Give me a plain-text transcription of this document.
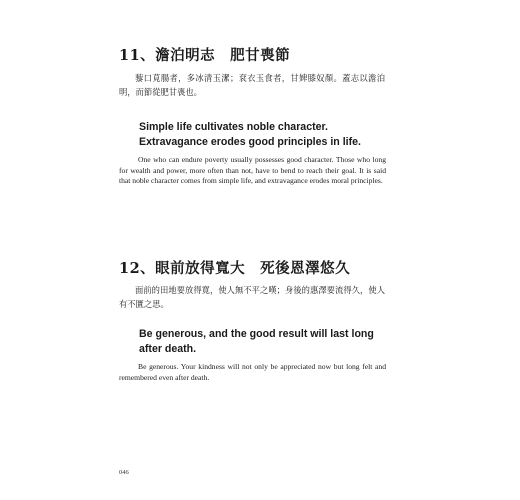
11、澹泊明志　肥甘喪節

藜口莧腸者，多冰清玉潔；袞衣玉食者，甘婢膝奴顏。蓋志以澹泊明，而節從肥甘喪也。

Simple life cultivates noble character. Extravagance erodes good principles in life.

One who can endure poverty usually possesses good character. Those who long for wealth and power, more often than not, have to bend to reach their goal. It is said that noble character comes from simple life, and extravagance erodes moral principles.

12、眼前放得寬大　死後恩澤悠久

面前的田地要放得寬，使人無不平之嘆；身後的惠澤要流得久，使人有不匱之思。

Be generous, and the good result will last long after death.

Be generous. Your kindness will not only be appreciated now but long felt and remembered even after death.

046
